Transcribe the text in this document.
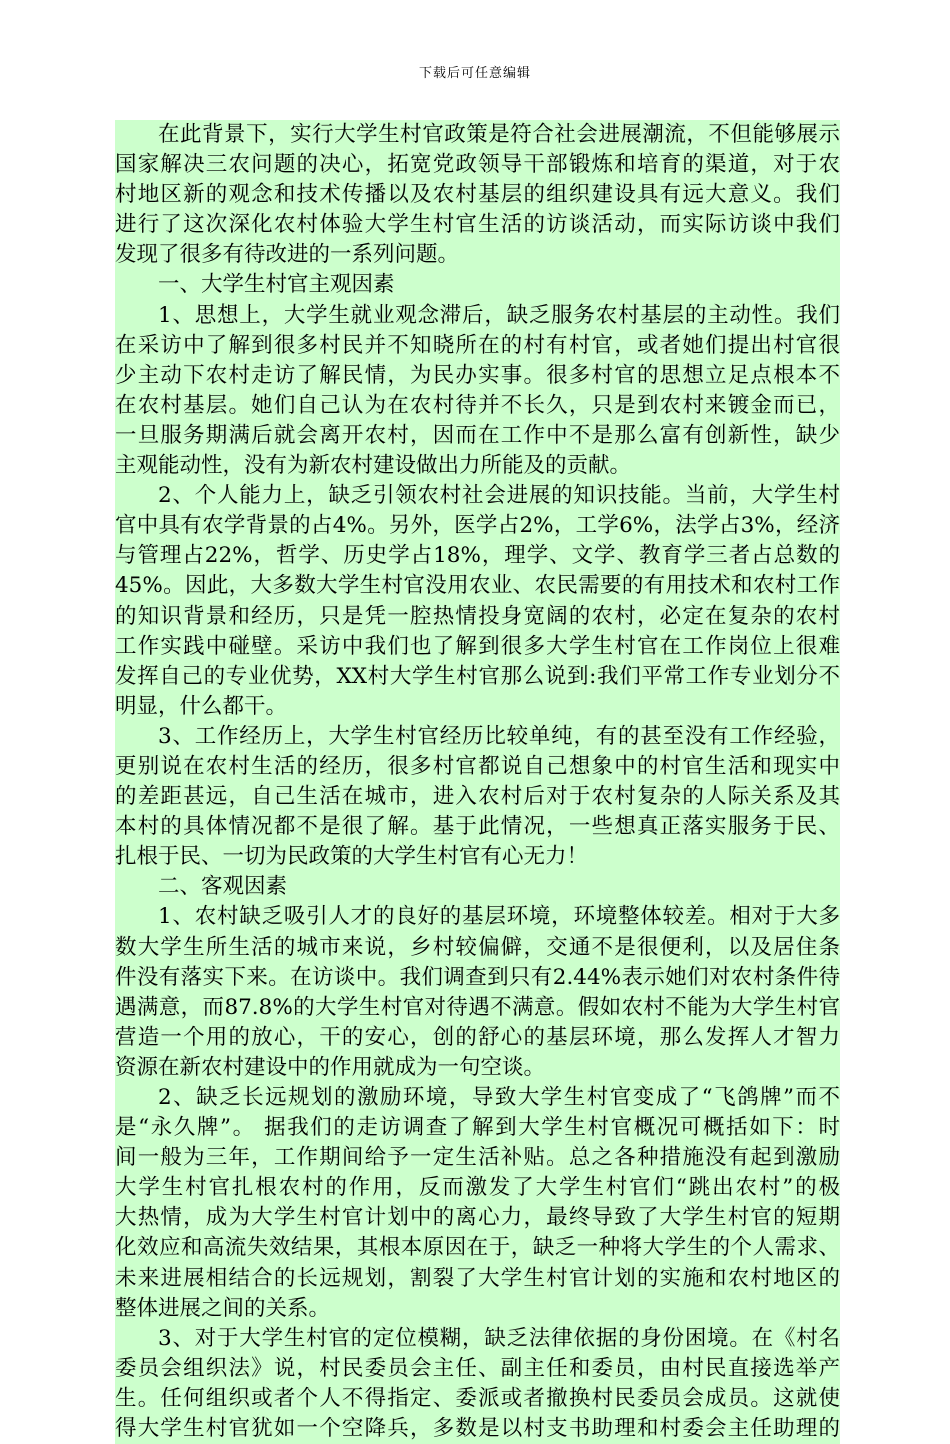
下载后可任意编辑
在此背景下，实行大学生村官政策是符合社会进展潮流，不但能够展示
国家解决三农问题的决心，拓宽党政领导干部锻炼和培育的渠道，对于农
村地区新的观念和技术传播以及农村基层的组织建设具有远大意义。我们
进行了这次深化农村体验大学生村官生活的访谈活动，而实际访谈中我们
发现了很多有待改进的一系列问题。
一、大学生村官主观因素
1、思想上，大学生就业观念滞后，缺乏服务农村基层的主动性。我们
在采访中了解到很多村民并不知晓所在的村有村官，或者她们提出村官很
少主动下农村走访了解民情，为民办实事。很多村官的思想立足点根本不
在农村基层。她们自己认为在农村待并不长久，只是到农村来镀金而已，
一旦服务期满后就会离开农村，因而在工作中不是那么富有创新性，缺少
主观能动性，没有为新农村建设做出力所能及的贡献。
2、个人能力上，缺乏引领农村社会进展的知识技能。当前，大学生村
官中具有农学背景的占4%。另外，医学占2%，工学6%，法学占3%，经济
与管理占22%，哲学、历史学占18%，理学、文学、教育学三者占总数的
45%。因此，大多数大学生村官没用农业、农民需要的有用技术和农村工作
的知识背景和经历，只是凭一腔热情投身宽阔的农村，必定在复杂的农村
工作实践中碰壁。采访中我们也了解到很多大学生村官在工作岗位上很难
发挥自己的专业优势，XX村大学生村官那么说到:我们平常工作专业划分不
明显，什么都干。
3、工作经历上，大学生村官经历比较单纯，有的甚至没有工作经验，
更别说在农村生活的经历，很多村官都说自己想象中的村官生活和现实中
的差距甚远，自己生活在城市，进入农村后对于农村复杂的人际关系及其
本村的具体情况都不是很了解。基于此情况，一些想真正落实服务于民、
扎根于民、一切为民政策的大学生村官有心无力！
二、客观因素
1、农村缺乏吸引人才的良好的基层环境，环境整体较差。相对于大多
数大学生所生活的城市来说，乡村较偏僻，交通不是很便利，以及居住条
件没有落实下来。在访谈中。我们调查到只有2.44%表示她们对农村条件待
遇满意，而87.8%的大学生村官对待遇不满意。假如农村不能为大学生村官
营造一个用的放心，干的安心，创的舒心的基层环境，那么发挥人才智力
资源在新农村建设中的作用就成为一句空谈。
2、缺乏长远规划的激励环境，导致大学生村官变成了“飞鸽牌”而不
是“永久牌”。 据我们的走访调查了解到大学生村官概况可概括如下：时
间一般为三年，工作期间给予一定生活补贴。总之各种措施没有起到激励
大学生村官扎根农村的作用，反而激发了大学生村官们“跳出农村”的极
大热情，成为大学生村官计划中的离心力，最终导致了大学生村官的短期
化效应和高流失效结果，其根本原因在于，缺乏一种将大学生的个人需求、
未来进展相结合的长远规划，割裂了大学生村官计划的实施和农村地区的
整体进展之间的关系。
3、对于大学生村官的定位模糊，缺乏法律依据的身份困境。在《村名
委员会组织法》说，村民委员会主任、副主任和委员，由村民直接选举产
生。任何组织或者个人不得指定、委派或者撤换村民委员会成员。这就使
得大学生村官犹如一个空降兵，多数是以村支书助理和村委会主任助理的
